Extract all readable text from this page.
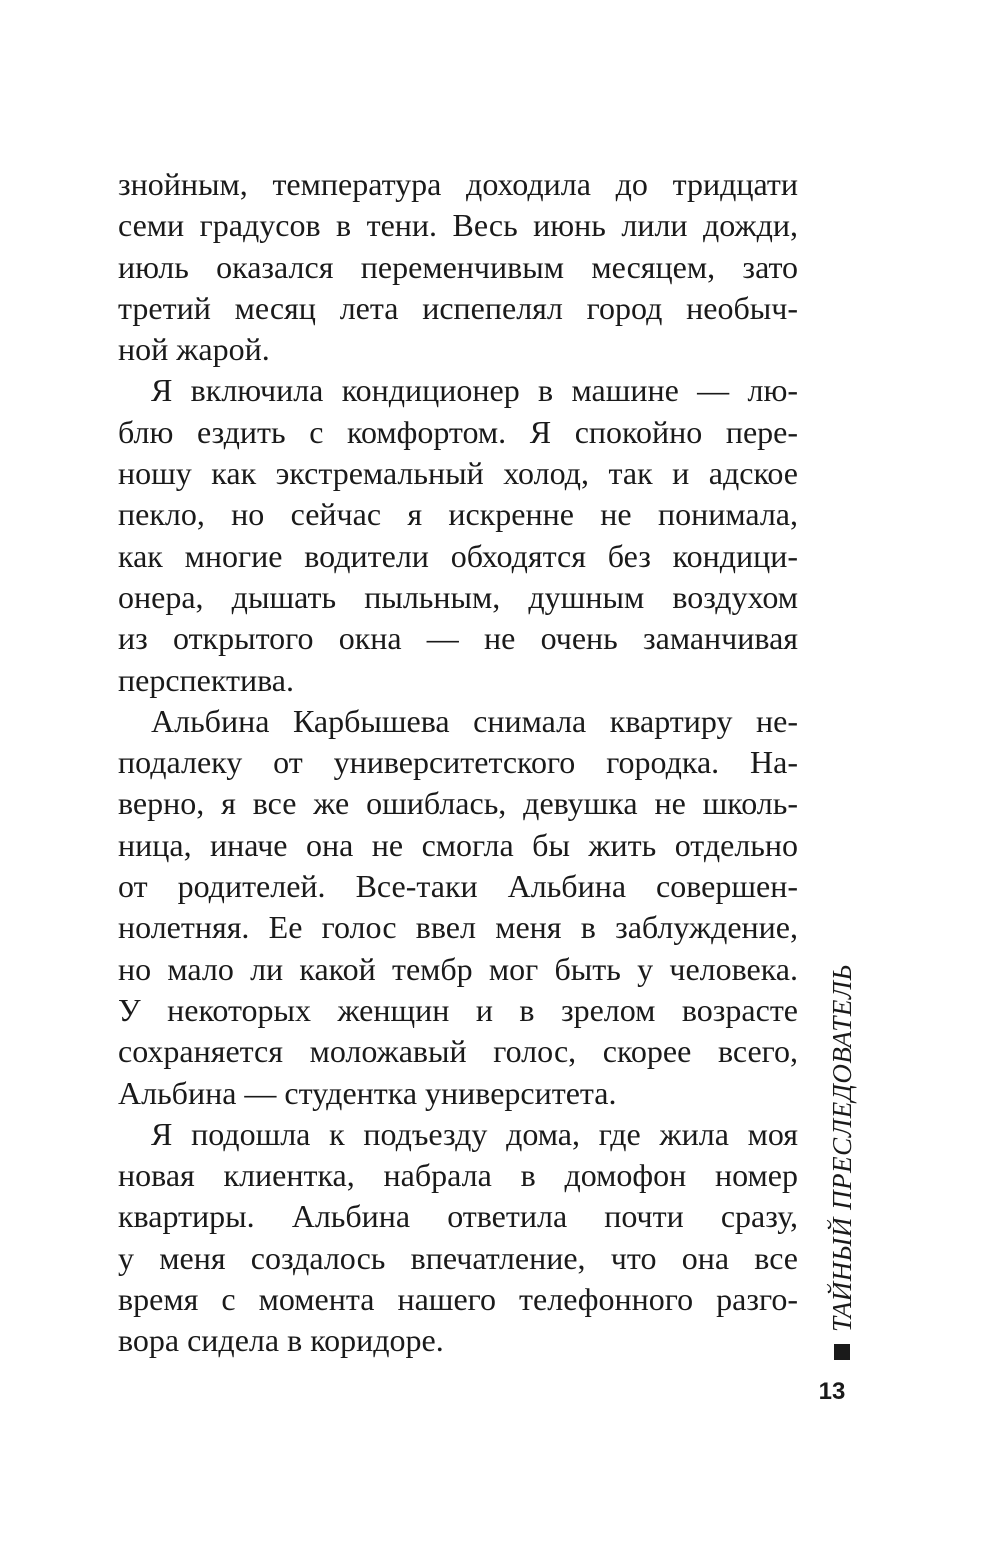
знойным, температура доходила до тридцати
семи градусов в тени. Весь июнь лили дожди,
июль оказался переменчивым месяцем, зато
третий месяц лета испепелял город необыч-
ной жарой.
Я включила кондиционер в машине — лю-
блю ездить с комфортом. Я спокойно пере-
ношу как экстремальный холод, так и адское
пекло, но сейчас я искренне не понимала,
как многие водители обходятся без кондици-
онера, дышать пыльным, душным воздухом
из открытого окна — не очень заманчивая
перспектива.
Альбина Карбышева снимала квартиру не-
подалеку от университетского городка. На-
верно, я все же ошиблась, девушка не школь-
ница, иначе она не смогла бы жить отдельно
от родителей. Все-таки Альбина совершен-
нолетняя. Ее голос ввел меня в заблуждение,
но мало ли какой тембр мог быть у человека.
У некоторых женщин и в зрелом возрасте
сохраняется моложавый голос, скорее всего,
Альбина — студентка университета.
Я подошла к подъезду дома, где жила моя
новая клиентка, набрала в домофон номер
квартиры. Альбина ответила почти сразу,
у меня создалось впечатление, что она все
время с момента нашего телефонного разго-
вора сидела в коридоре.
ТАЙНЫЙ ПРЕСЛЕДОВАТЕЛЬ
13
